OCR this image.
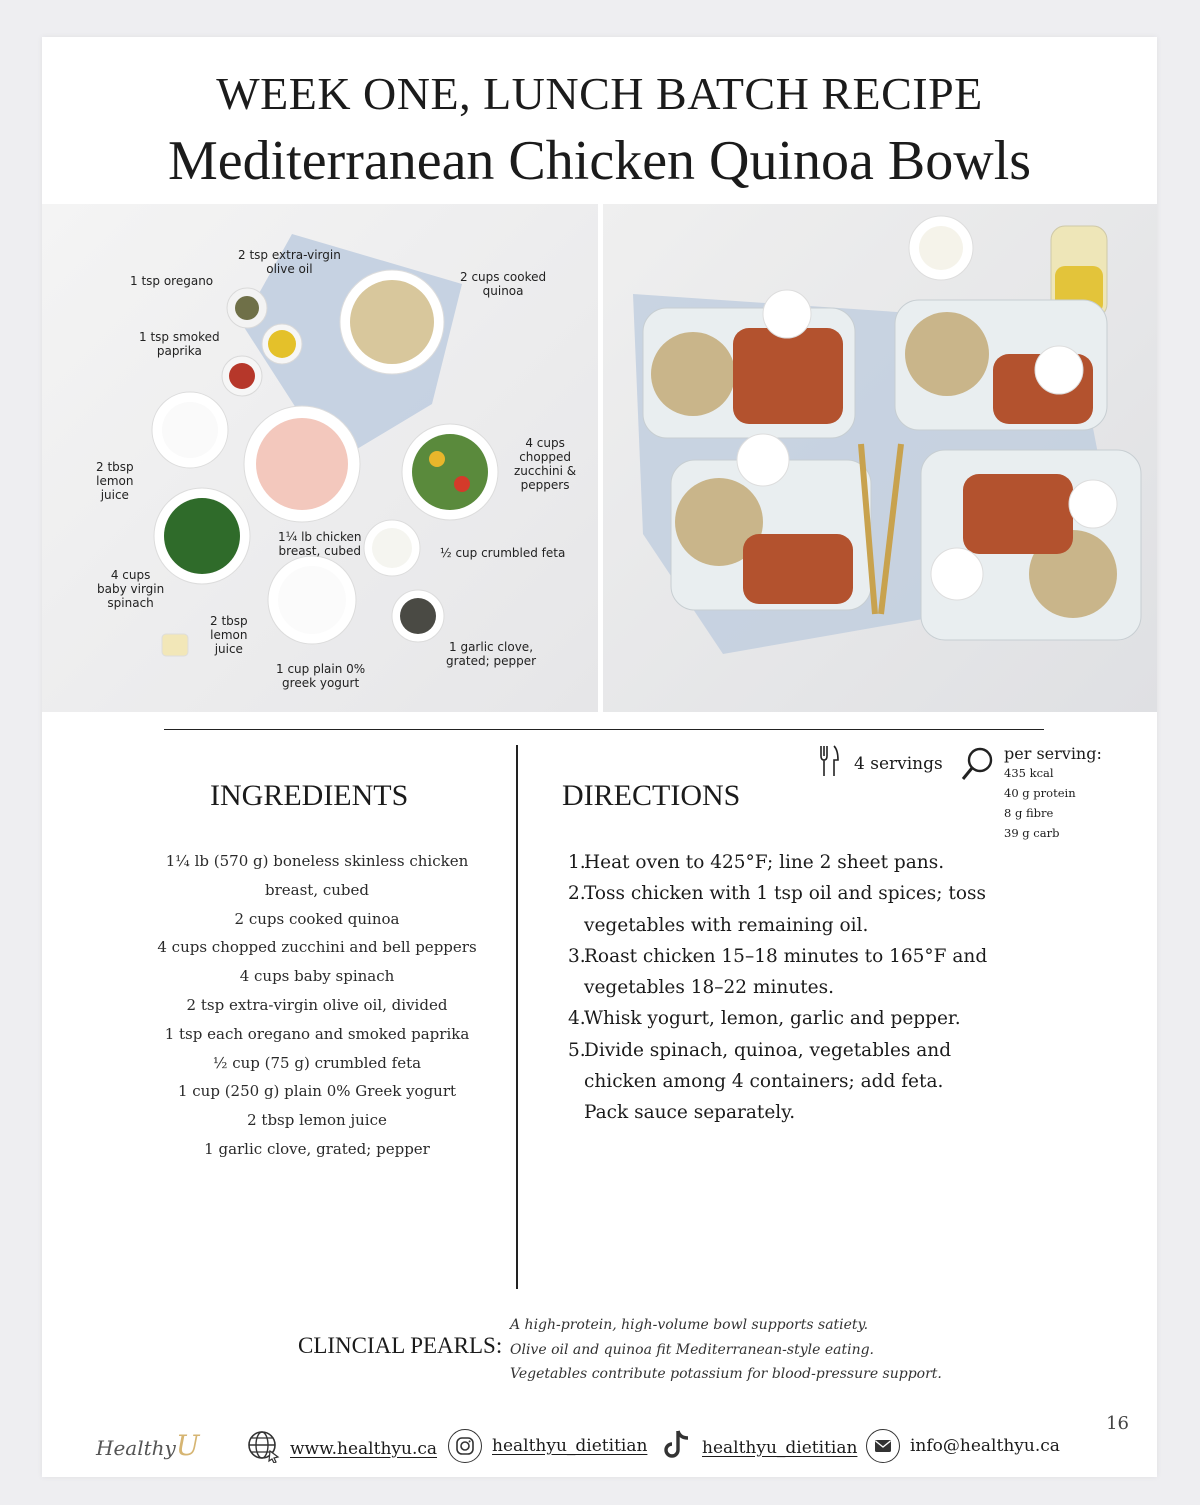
WEEK ONE, LUNCH BATCH RECIPE
Mediterranean Chicken Quinoa Bowls
1 tsp oregano
2 tsp extra-virgin
olive oil
2 cups cooked
quinoa
1 tsp smoked
paprika
4 cups
chopped
zucchini &
peppers
2 tbsp
lemon
juice
1¼ lb chicken
breast, cubed	½ cup crumbled feta
4 cups
baby virgin
spinach
2 tbsp
lemon
juice	1 garlic clove,
grated; pepper
1 cup plain 0%
greek yogurt
INGREDIENTS
1¼ lb (570 g) boneless skinless chicken
breast, cubed
2 cups cooked quinoa
4 cups chopped zucchini and bell peppers
4 cups baby spinach
2 tsp extra-virgin olive oil, divided
1 tsp each oregano and smoked paprika
½ cup (75 g) crumbled feta
1 cup (250 g) plain 0% Greek yogurt
2 tbsp lemon juice
1 garlic clove, grated; pepper
DIRECTIONS
1.
Heat oven to 425°F; line 2 sheet pans.
2.
Toss chicken with 1 tsp oil and spices; toss vegetables with remaining oil.
3.
Roast chicken 15–18 minutes to 165°F and vegetables 18–22 minutes.
4.
Whisk yogurt, lemon, garlic and pepper.
5.
Divide spinach, quinoa, vegetables and chicken among 4 containers; add feta. Pack sauce separately.
4 servings	per serving:
435 kcal
40 g protein
8 g fibre
39 g carb
CLINCIAL PEARLS:
A high-protein, high-volume bowl supports satiety.
Olive oil and quinoa fit Mediterranean-style eating.
Vegetables contribute potassium for blood-pressure support.
HealthyU	www.healthyu.ca	healthyu_dietitian	healthyu_dietitian	info@healthyu.ca
16
